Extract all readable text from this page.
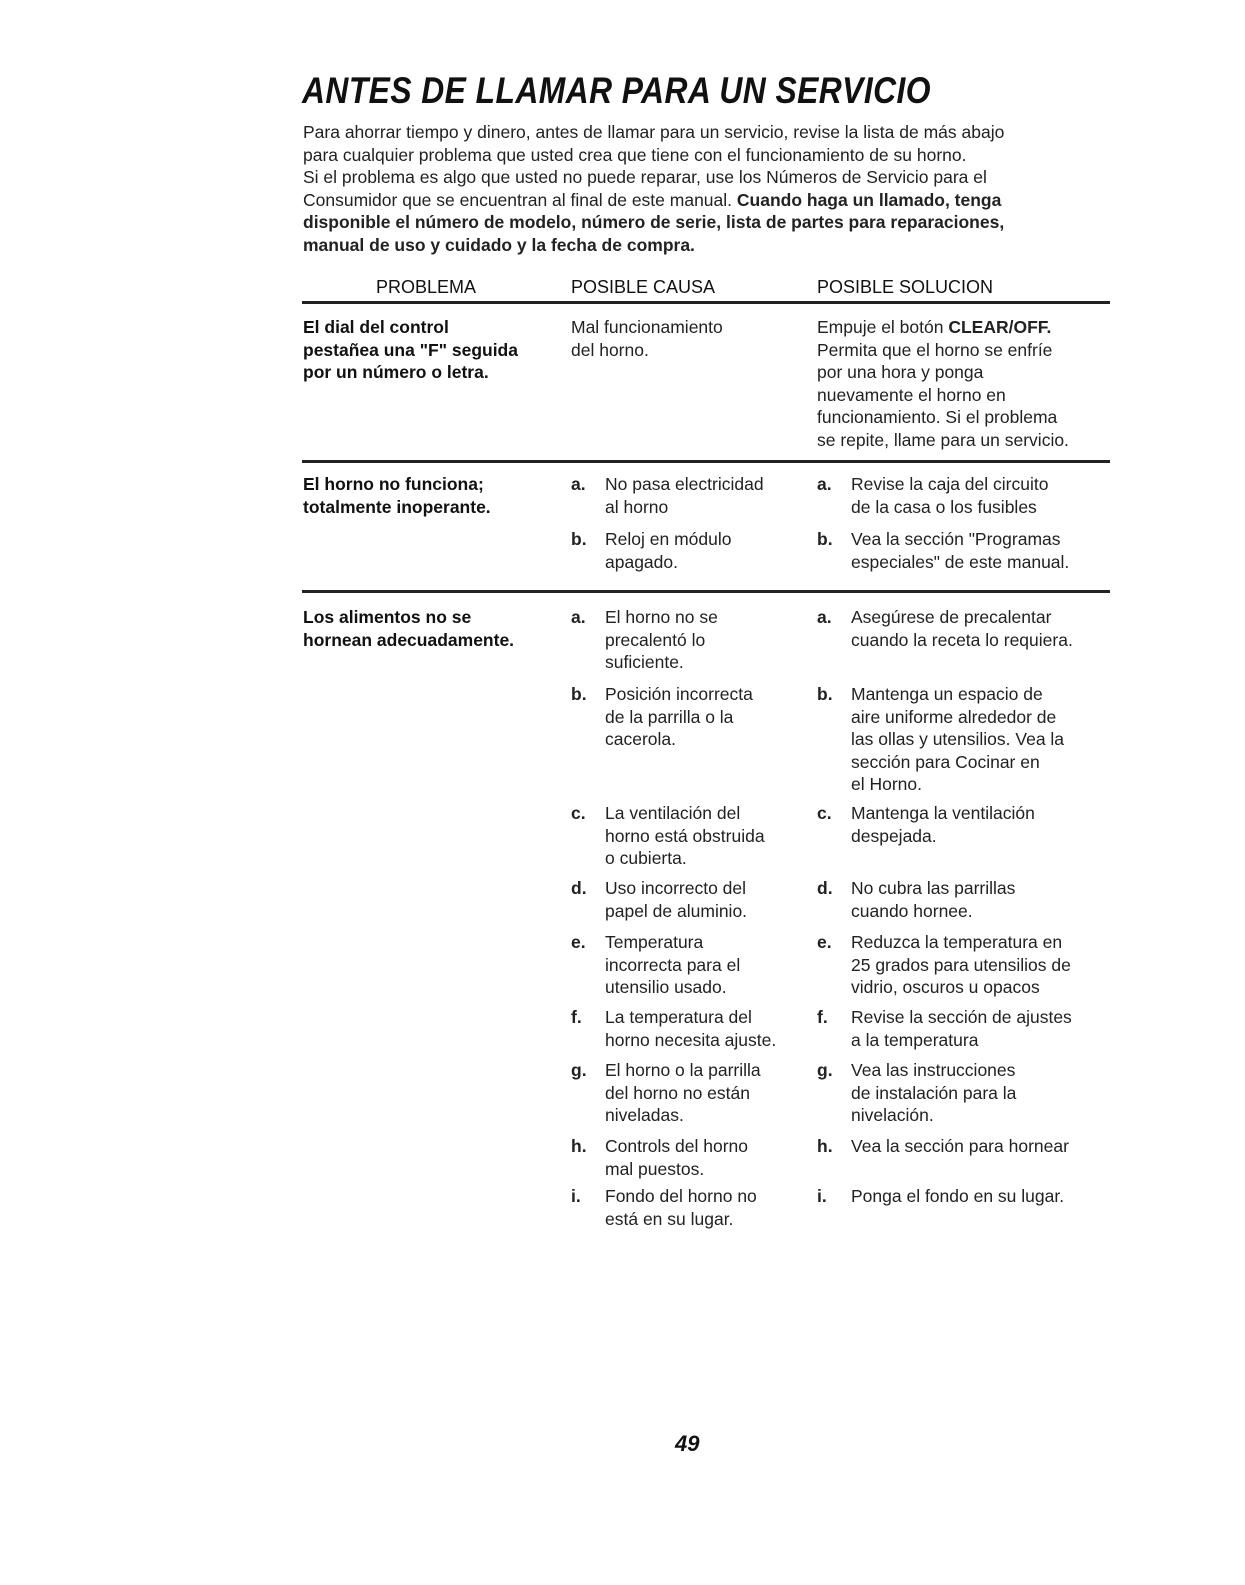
ANTES DE LLAMAR PARA UN SERVICIO
Para ahorrar tiempo y dinero, antes de llamar para un servicio, revise la lista de más abajo
para cualquier problema que usted crea que tiene con el funcionamiento de su horno.
Si el problema es algo que usted no puede reparar, use los Números de Servicio para el
Consumidor que se encuentran al final de este manual. Cuando haga un llamado, tenga
disponible el número de modelo, número de serie, lista de partes para reparaciones,
manual de uso y cuidado y la fecha de compra.
PROBLEMA	POSIBLE CAUSA	POSIBLE SOLUCION
El dial del control
pestañea una "F" seguida
por un número o letra.
Mal funcionamiento
del horno.
Empuje el botón CLEAR/OFF.
Permita que el horno se enfríe
por una hora y ponga
nuevamente el horno en
funcionamiento. Si el problema
se repite, llame para un servicio.
El horno no funciona;
totalmente inoperante.
a. No pasa electricidad
al horno
b. Reloj en módulo
apagado.
a. Revise la caja del circuito
de la casa o los fusibles
b. Vea la sección "Programas
especiales" de este manual.
Los alimentos no se
hornean adecuadamente.
a. El horno no se
precalentó lo
suficiente.
b. Posición incorrecta
de la parrilla o la
cacerola.
c. La ventilación del
horno está obstruida
o cubierta.
d. Uso incorrecto del
papel de aluminio.
e. Temperatura
incorrecta para el
utensilio usado.
f. La temperatura del
horno necesita ajuste.
g. El horno o la parrilla
del horno no están
niveladas.
h. Controls del horno
mal puestos.
i. Fondo del horno no
está en su lugar.
a. Asegúrese de precalentar
cuando la receta lo requiera.
b. Mantenga un espacio de
aire uniforme alrededor de
las ollas y utensilios. Vea la
sección para Cocinar en
el Horno.
c. Mantenga la ventilación
despejada.
d. No cubra las parrillas
cuando hornee.
e. Reduzca la temperatura en
25 grados para utensilios de
vidrio, oscuros u opacos
f. Revise la sección de ajustes
a la temperatura
g. Vea las instrucciones
de instalación para la
nivelación.
h. Vea la sección para hornear
i. Ponga el fondo en su lugar.
49
